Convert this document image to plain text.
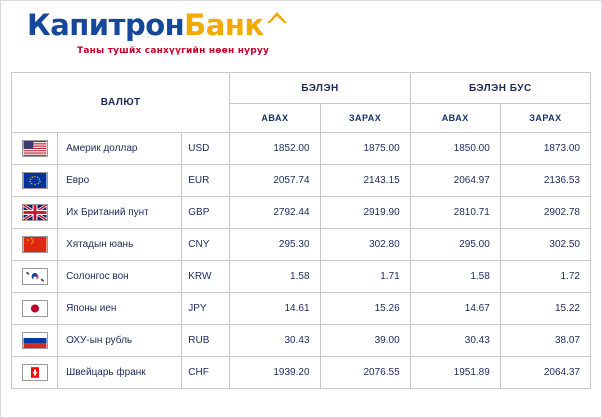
Капитрон Банк
Таны тушйх санхүүгийн нөөн нуруу
ВАЛЮТ			БЭЛЭН		БЭЛЭН БУС	
			АВАХ	ЗАРАХ	АВАХ	ЗАРАХ

	Америк доллар	USD	1852.00	1875.00	1850.00	1873.00

	Евро	EUR	2057.74	2143.15	2064.97	2136.53

	Их Британий пунт	GBP	2792.44	2919.90	2810.71	2902.78

	Хятадын юань	CNY	295.30	302.80	295.00	302.50

	Солонгос вон	KRW	1.58	1.71	1.58	1.72

	Японы иен	JPY	14.61	15.26	14.67	15.22

	ОХУ-ын рубль	RUB	30.43	39.00	30.43	38.07

	Швейцарь франк	CHF	1939.20	2076.55	1951.89	2064.37
